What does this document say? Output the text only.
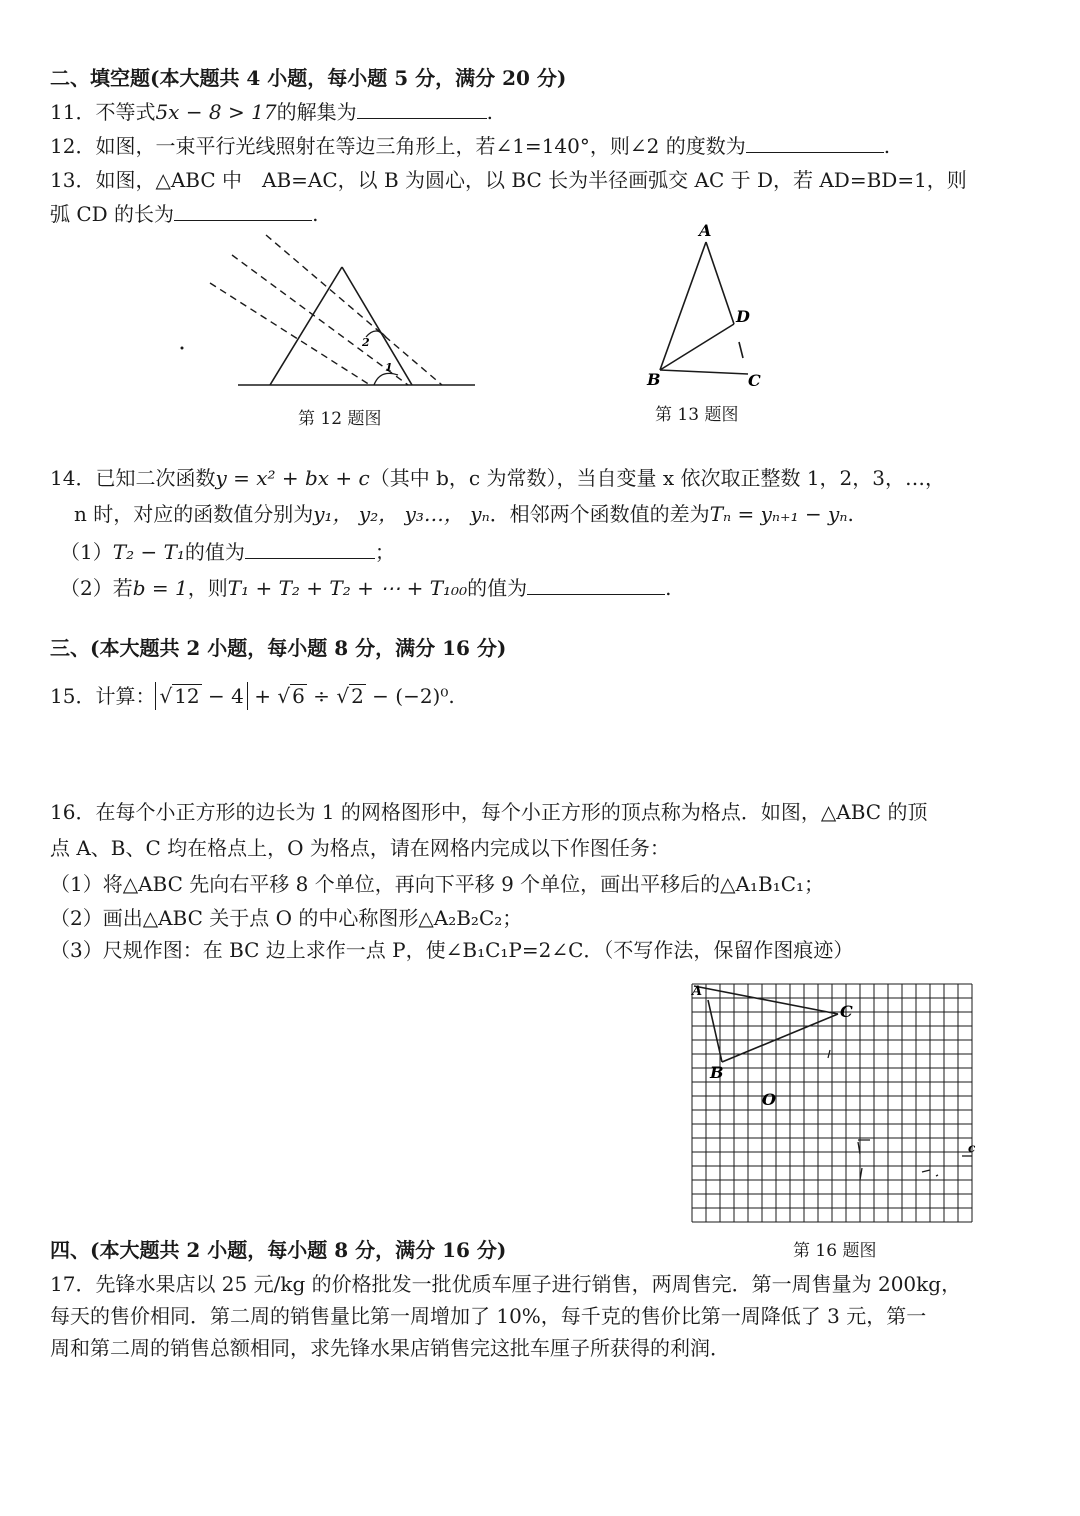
二、填空题(本大题共 4 小题，每小题 5 分，满分 20 分)
11．不等式5x − 8 > 17的解集为	.
12．如图，一束平行光线照射在等边三角形上，若∠1=140°，则∠2 的度数为	.
13．如图，△ABC 中　AB=AC，以 B 为圆心，以 BC 长为半径画弧交 AC 于 D，若 AD=BD=1，则
弧 CD 的长为	.
2
1
第 12 题图
A
D
B	C
第 13 题图
14．已知二次函数y = x² + bx + c（其中 b，c 为常数），当自变量 x 依次取正整数 1，2，3，…，
n 时，对应的函数值分别为y₁， y₂， y₃…， yₙ．相邻两个函数值的差为Tₙ = yₙ₊₁ − yₙ.
（1）T₂ − T₁的值为	；
（2）若b = 1，则T₁ + T₂ + T₂ + ⋯ + T₁₀₀的值为	.
三、(本大题共 2 小题，每小题 8 分，满分 16 分)
15．计算： √ 12 − 4 + √ 6 ÷ √ 2 − (−2)⁰.
16．在每个小正方形的边长为 1 的网格图形中，每个小正方形的顶点称为格点．如图，△ABC 的顶
点 A、B、C 均在格点上，O 为格点，请在网格内完成以下作图任务：
（1）将△ABC 先向右平移 8 个单位，再向下平移 9 个单位，画出平移后的△A₁B₁C₁；
（2）画出△ABC 关于点 O 的中心称图形△A₂B₂C₂；
（3）尺规作图：在 BC 边上求作一点 P，使∠B₁C₁P=2∠C．（不写作法，保留作图痕迹）
A
C
B
O
c
第 16 题图
四、(本大题共 2 小题，每小题 8 分，满分 16 分)
17．先锋水果店以 25 元/kg 的价格批发一批优质车厘子进行销售，两周售完．第一周售量为 200kg，
每天的售价相同．第二周的销售量比第一周增加了 10%，每千克的售价比第一周降低了 3 元，第一
周和第二周的销售总额相同，求先锋水果店销售完这批车厘子所获得的利润．
